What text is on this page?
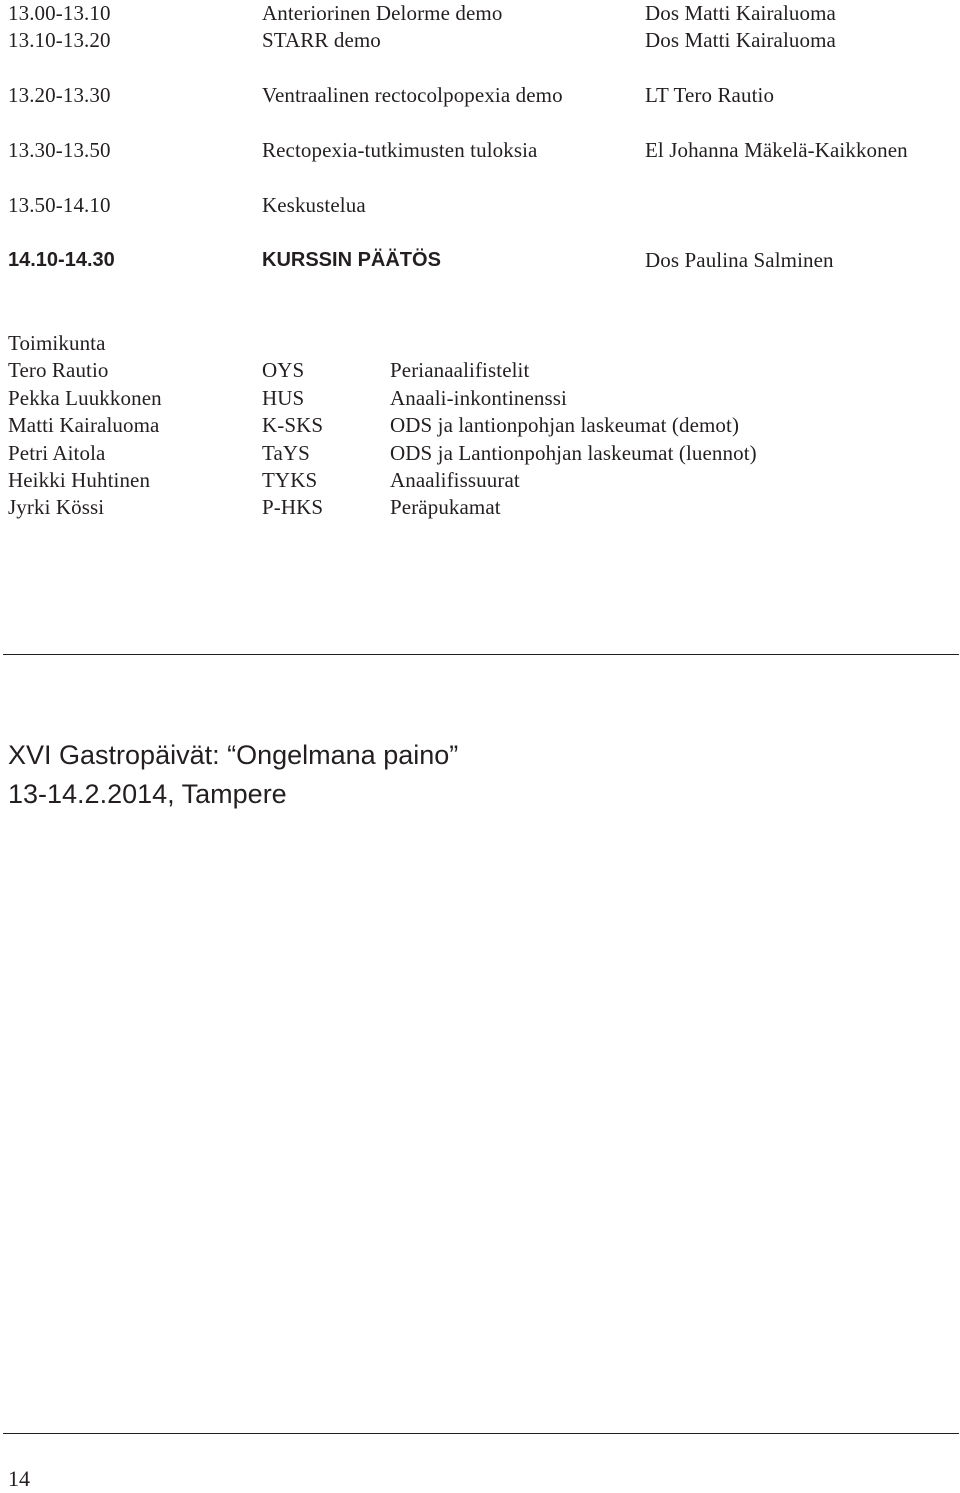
13.00-13.10	Anteriorinen Delorme demo	Dos Matti Kairaluoma
13.10-13.20	STARR demo	Dos Matti Kairaluoma
13.20-13.30	Ventraalinen rectocolpopexia demo	LT Tero Rautio
13.30-13.50	Rectopexia-tutkimusten tuloksia	El Johanna Mäkelä-Kaikkonen
13.50-14.10	Keskustelua
14.10-14.30	KURSSIN PÄÄTÖS	Dos Paulina Salminen
Toimikunta
Tero Rautio	OYS	Perianaalifistelit
Pekka Luukkonen	HUS	Anaali-inkontinenssi
Matti Kairaluoma	K-SKS	ODS ja lantionpohjan laskeumat (demot)
Petri Aitola	TaYS	ODS ja Lantionpohjan laskeumat (luennot)
Heikki Huhtinen	TYKS	Anaalifissuurat
Jyrki Kössi	P-HKS	Peräpukamat
XVI Gastropäivät: “Ongelmana paino”
13-14.2.2014, Tampere
14
